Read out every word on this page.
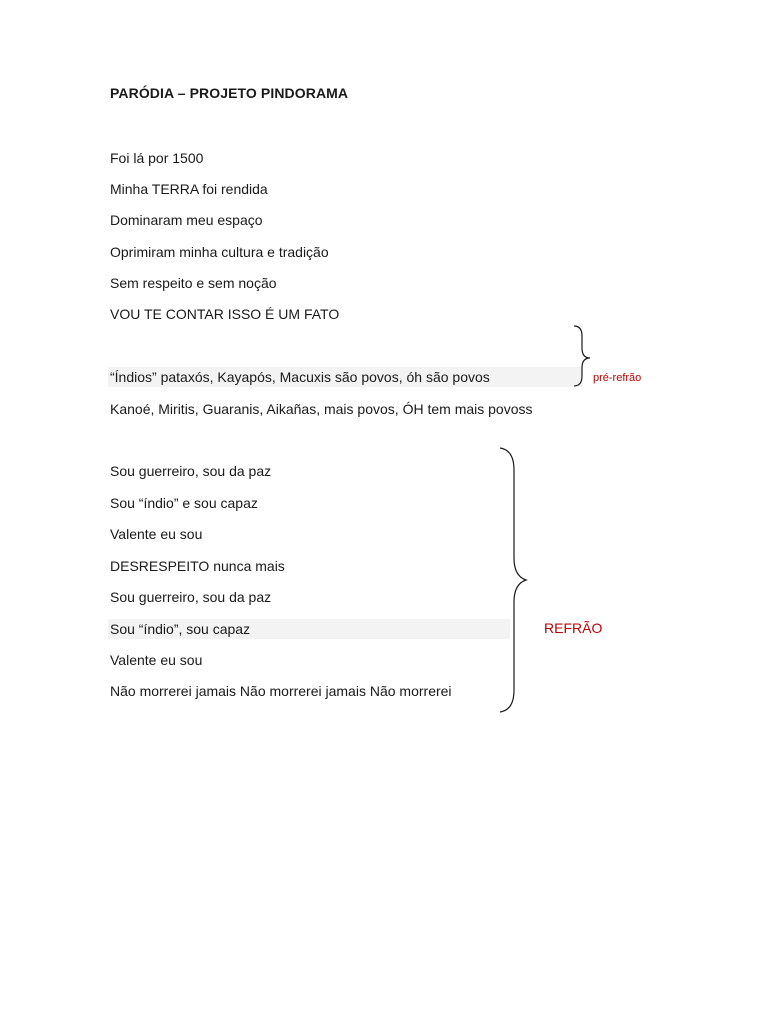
PARÓDIA – PROJETO PINDORAMA
Foi lá por 1500
Minha TERRA foi rendida
Dominaram meu espaço
Oprimiram minha cultura e tradição
Sem respeito e sem noção
VOU TE CONTAR ISSO É UM FATO
“Índios” pataxós, Kayapós, Macuxis são povos, óh são povos
Kanoé, Miritis, Guaranis, Aikañas, mais povos, ÓH tem mais povoss
pré-refrão
Sou guerreiro, sou da paz
Sou “índio” e sou capaz
Valente eu sou
DESRESPEITO nunca mais
Sou guerreiro, sou da paz
Sou “índio”, sou capaz
Valente eu sou
Não morrerei jamais Não morrerei jamais Não morrerei
REFRÃO
